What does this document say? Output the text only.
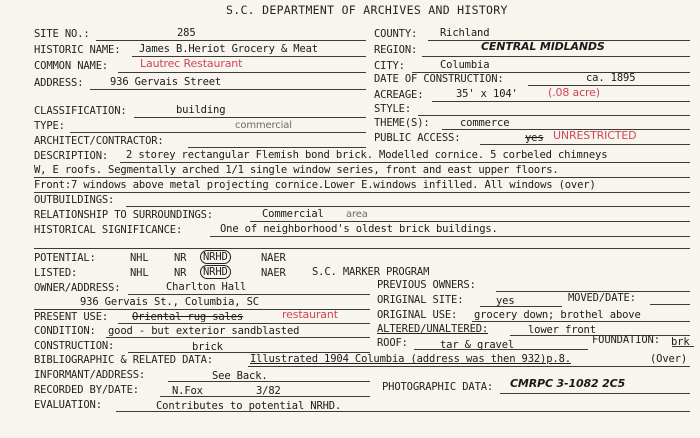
S.C. DEPARTMENT OF ARCHIVES AND HISTORY
SITE NO.:	285	COUNTY: Richland
HISTORIC NAME: James B.Heriot Grocery & Meat	REGION:	CENTRAL MIDLANDS
COMMON NAME:	Lautrec Restaurant	CITY:	Columbia
ADDRESS:	936 Gervais Street	DATE OF CONSTRUCTION:	ca. 1895
ACREAGE:	35' x 104'	(.08 acre)
CLASSIFICATION:	building	STYLE:
TYPE:	commercial	THEME(S):	commerce
ARCHITECT/CONTRACTOR:	PUBLIC ACCESS:	yes UNRESTRICTED
DESCRIPTION: 2 storey rectangular Flemish bond brick. Modelled cornice. 5 corbeled chimneys
W, E roofs. Segmentally arched 1/1 single window series, front and east upper floors.
Front:7 windows above metal projecting cornice.Lower E.windows infilled. All windows (over)
OUTBUILDINGS:
RELATIONSHIP TO SURROUNDINGS:	Commercial area
HISTORICAL SIGNIFICANCE:	One of neighborhood's oldest brick buildings.
POTENTIAL:	NHL NR NRHD	NAER
LISTED:	NHL NR NRHD	NAER	S.C. MARKER PROGRAM
OWNER/ADDRESS:	Charlton Hall
936 Gervais St., Columbia, SC
PREVIOUS OWNERS:
ORIGINAL SITE:	yes	MOVED/DATE:
PRESENT USE: Oriental rug sales	restaurant	ORIGINAL USE: grocery down; brothel above
CONDITION: good - but exterior sandblasted	ALTERED/UNALTERED:	lower front
CONSTRUCTION:	brick	ROOF:	tar & gravel	FOUNDATION: brk
BIBLIOGRAPHIC & RELATED DATA:	Illustrated 1904 Columbia (address was then 932)p.8.	(Over)
INFORMANT/ADDRESS:	See Back.
RECORDED BY/DATE:	N.Fox	3/82	PHOTOGRAPHIC DATA: CMRPC 3-1082 2C5
EVALUATION:	Contributes to potential NRHD.
